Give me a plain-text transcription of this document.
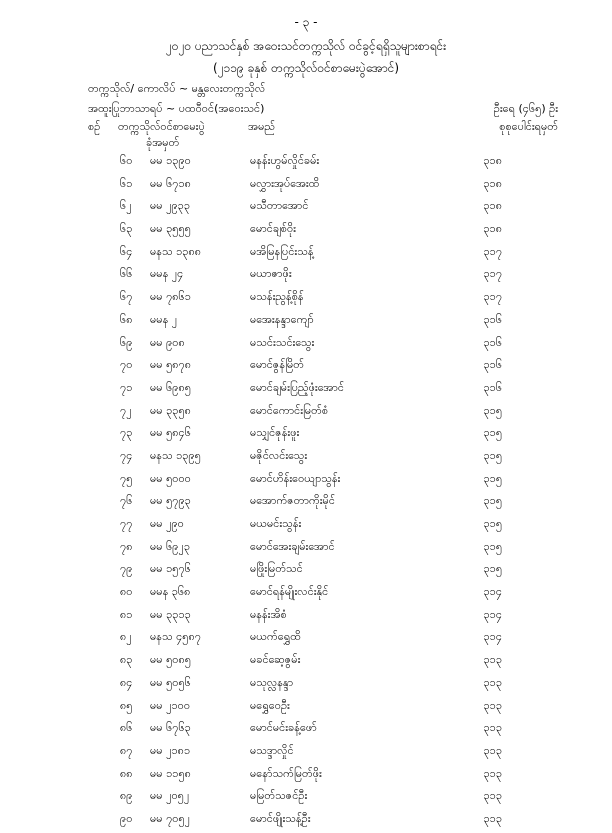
- ၃ -
၂၀၂၀ ပညာသင်နှစ် အဝေးသင်တက္ကသိုလ် ဝင်ခွင့်ရရှိသူများစာရင်း
(၂၁၁၉ ခုနှစ် တက္ကသိုလ်ဝင်စာမေးပွဲအောင်)
တက္ကသိုလ်/ ကောလိပ် ~ မန္တလေးတက္ကသိုလ်
အထူးပြုဘာသာရပ် ~ ပထဝီဝင်(အဝေးသင်)	ဦးရေ (၄၆၅) ဦး
စဉ် တက္ကသိုလ်ဝင်စာမေးပွဲ
ခုံအမှတ်
အမည်	စုစုပေါင်းရမှတ်
၆၀ မမ ၁၃၉၀	မနန်းဟွမ်လှိုင်ခမ်း	၃၁၈
၆၁ မမ ၆၇၁၈	မလွှားအုပ်အေးထိ	၃၁၈
၆၂ မမ ၂၉၃၃	မသီတာအောင်	၃၁၈
၆၃ မမ ၃၅၅၅	မောင်ချစ်ဝိုး	၃၁၈
၆၄ မနသ ၁၃၈၈	မအိမြနပြင်းသန့်	၃၁၇
၆၆ မမန ၂၄	မယာဇာဖိုး	၃၁၇
၆၇ မမ ၇၈၆၁	မသန်းညွန့်စိုန်	၃၁၇
၆၈ မမန ၂	မအေးနန္ဒာကျော်	၃၁၆
၆၉ မမ ၉၀၈	မသင်းသင်းသွေး	၃၁၆
၇၀ မမ ၅၈၇၈	မောင်ဇွန်မြိတ်	၃၁၆
၇၁ မမ ၆၉၈၅	မောင်ချမ်းပြည့်ဖုံးအောင်	၃၁၆
၇၂ မမ ၃၃၅၈	မောင်ကောင်းမြတ်စံ	၃၁၅
၇၃ မမ ၅၈၄၆	မသျှင်ဇုန်းဖူး	၃၁၅
၇၄ မနသ ၁၃၉၅	မဇိုင်လင်းသွေး	၃၁၅
၇၅ မမ ၅၀၀၀	မောင်ဟိန်းဝေယျာသွန်း	၃၁၅
၇၆ မမ ၅၇၉၃	မအောက်ဇတာကိုးမိုင်	၃၁၅
၇၇ မမ ၂၉၀	မယမင်းသွန်း	၃၁၅
၇၈ မမ ၆၉၂၃	မောင်အေးချမ်းအောင်	၃၁၅
၇၉ မမ ၁၅၇၆	မဖြိုးမြတ်သင်	၃၁၅
၈၀ မမန ၃၆၈	မောင်ရန်မျိုးလင်းနိုင်	၃၁၄
၈၁ မမ ၃၃၁၃	မနန်းအိစံ	၃၁၄
၈၂ မနသ ၄၅၈၇	မယက်ရွှေထိ	၃၁၄
၈၃ မမ ၅၀၈၅	မခင်ဆေ့ဇွမ်း	၃၁၃
၈၄ မမ ၅၀၅၆	မသုလ္လနန္ဒာ	၃၁၃
၈၅ မမ ၂၁၀၀	မရွှေဝေဦး	၃၁၃
၈၆ မမ ၆၇၆၃	မောင်မင်းခန့်ဖော်	၃၁၃
၈၇ မမ ၂၁၈၁	မသဒ္ဒာလှိုင်	၃၁၃
၈၈ မမ ၁၁၅၈	မနော်သက်မြတ်ဖိုး	၃၁၃
၈၉ မမ ၂၀၅၂	မမြတ်သဇင်ဦး	၃၁၃
၉၀ မမ ၇၀၅၂	မောင်ဖျိုးသန့်ဦး	၃၁၃
